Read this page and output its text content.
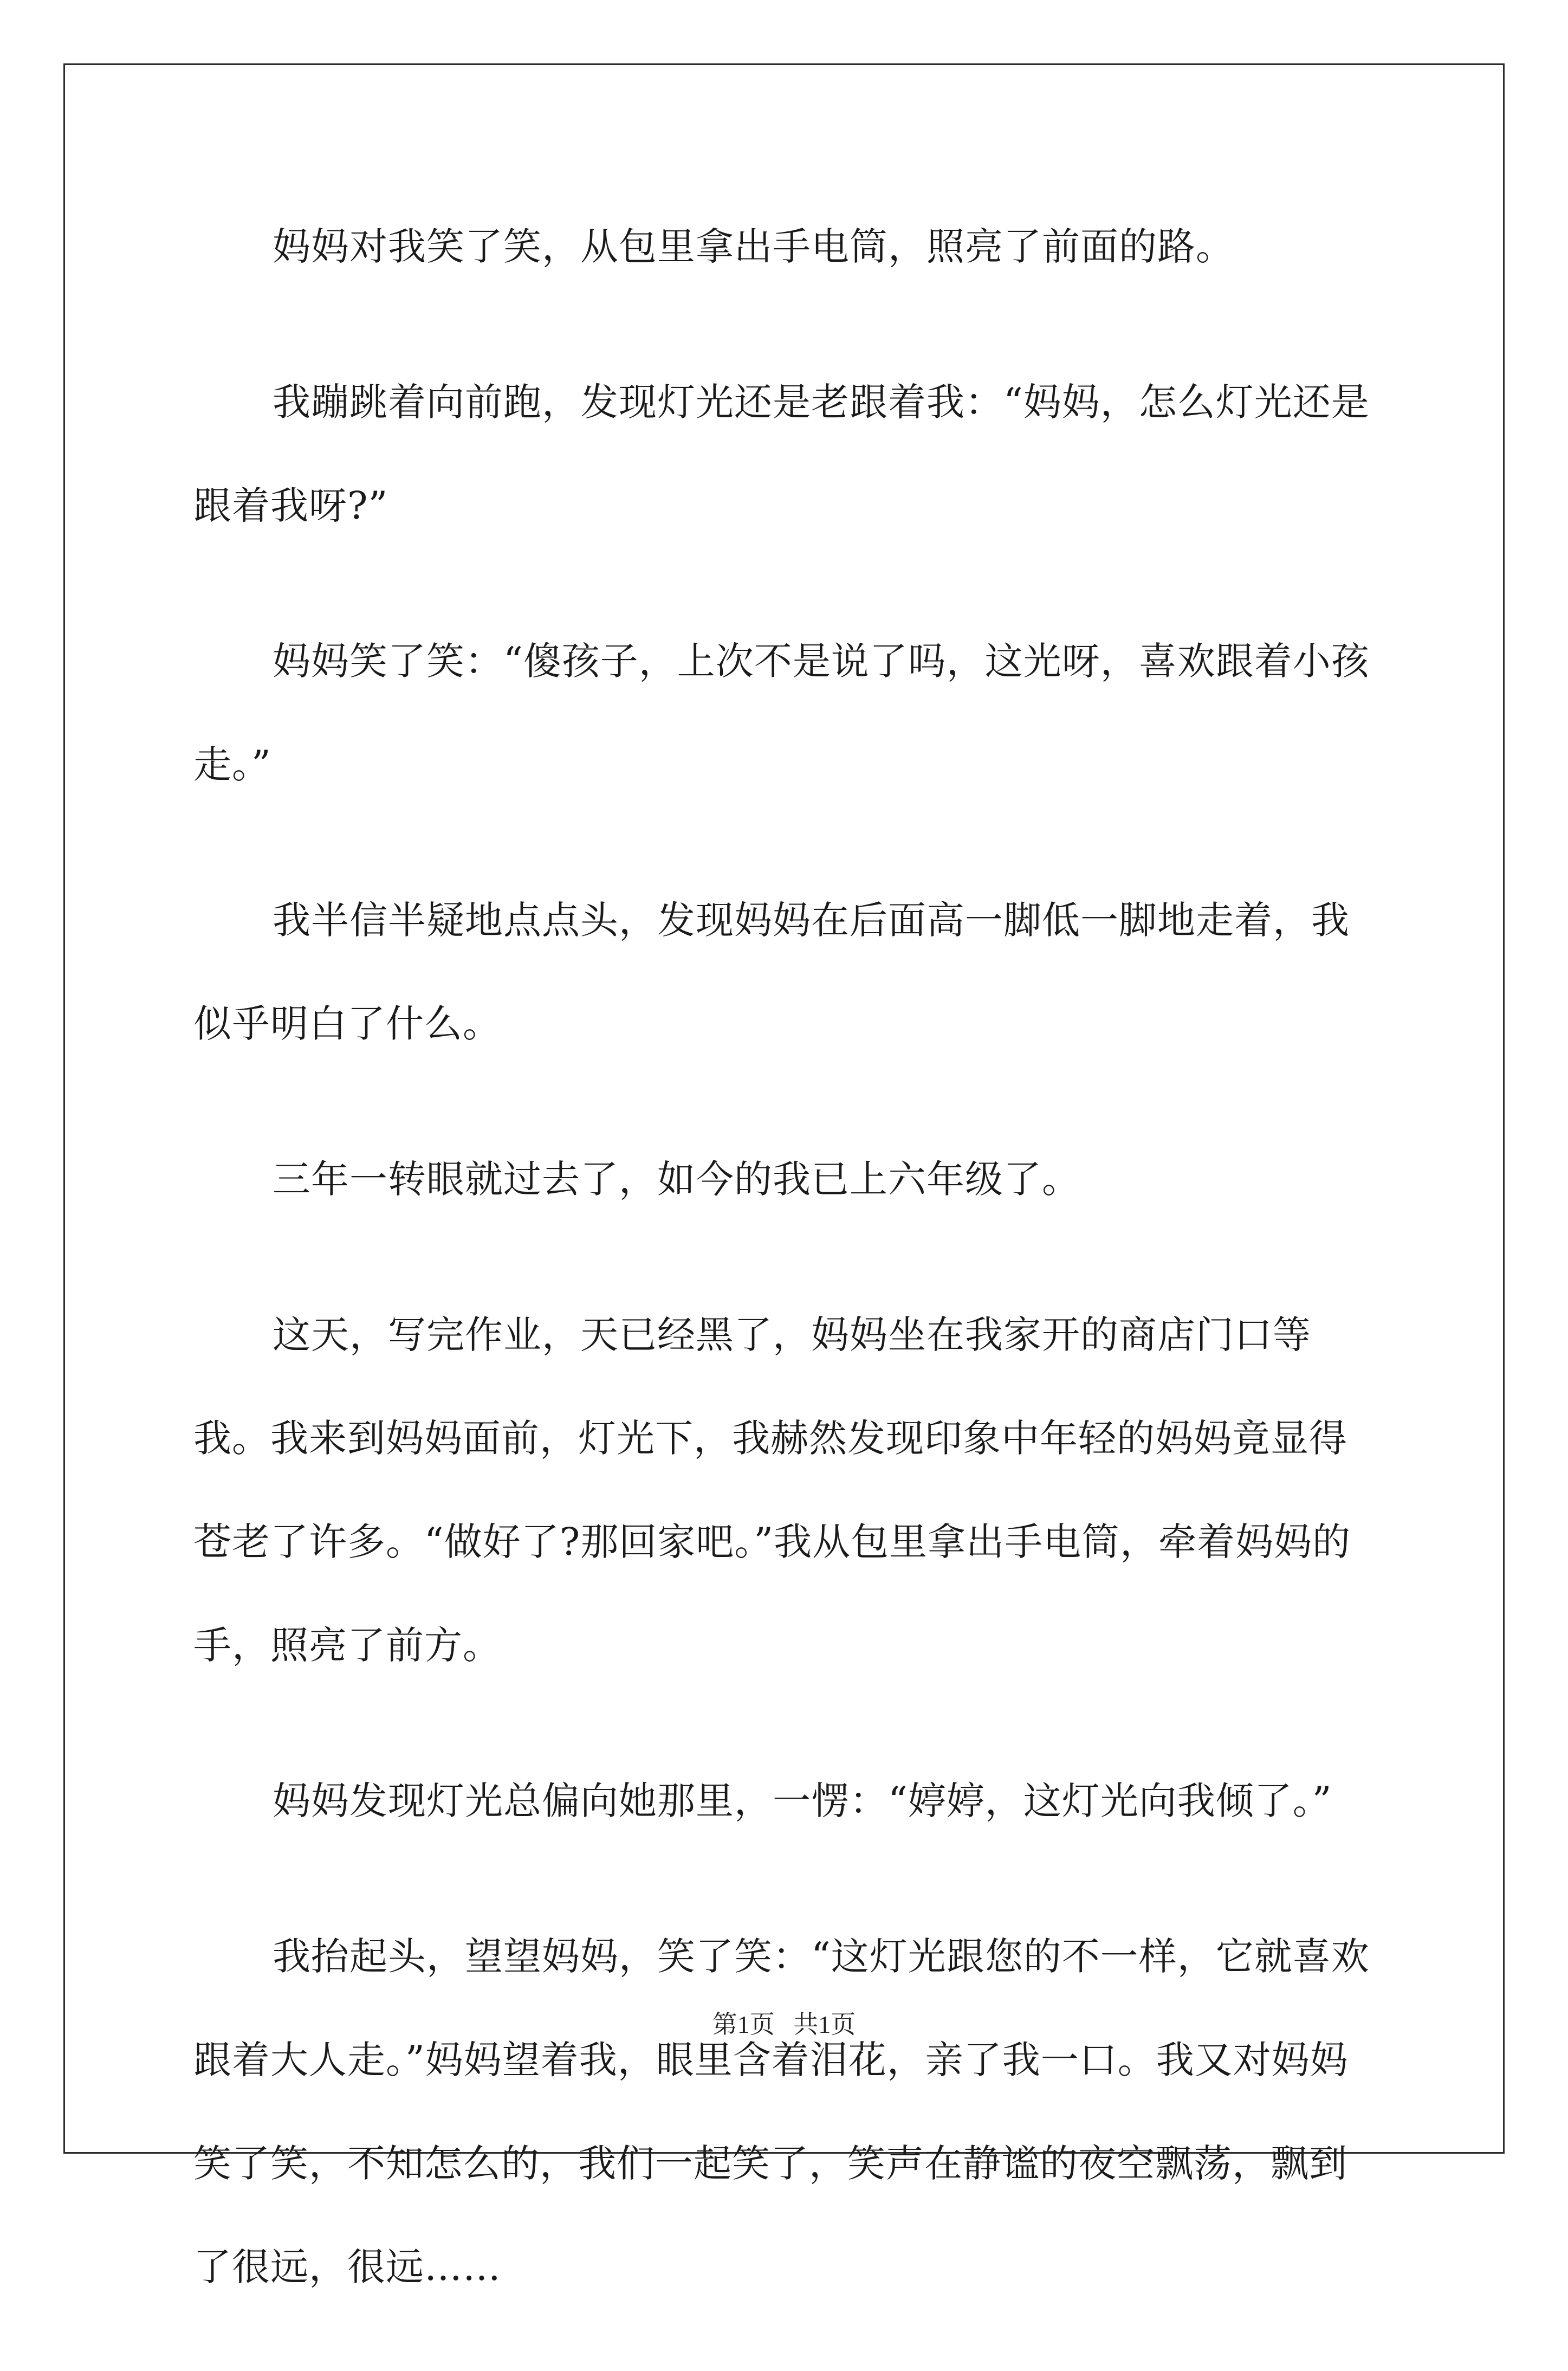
妈妈对我笑了笑，从包里拿出手电筒，照亮了前面的路。

我蹦跳着向前跑，发现灯光还是老跟着我：“妈妈，怎么灯光还是跟着我呀?”

妈妈笑了笑：“傻孩子，上次不是说了吗，这光呀，喜欢跟着小孩走。”

我半信半疑地点点头，发现妈妈在后面高一脚低一脚地走着，我似乎明白了什么。

三年一转眼就过去了，如今的我已上六年级了。

这天，写完作业，天已经黑了，妈妈坐在我家开的商店门口等我。我来到妈妈面前，灯光下，我赫然发现印象中年轻的妈妈竟显得苍老了许多。“做好了?那回家吧。”我从包里拿出手电筒，牵着妈妈的手，照亮了前方。

妈妈发现灯光总偏向她那里，一愣：“婷婷，这灯光向我倾了。”

我抬起头，望望妈妈，笑了笑：“这灯光跟您的不一样，它就喜欢跟着大人走。”妈妈望着我，眼里含着泪花，亲了我一口。我又对妈妈笑了笑，不知怎么的，我们一起笑了，笑声在静谧的夜空飘荡，飘到了很远，很远……

第1页   共1页
